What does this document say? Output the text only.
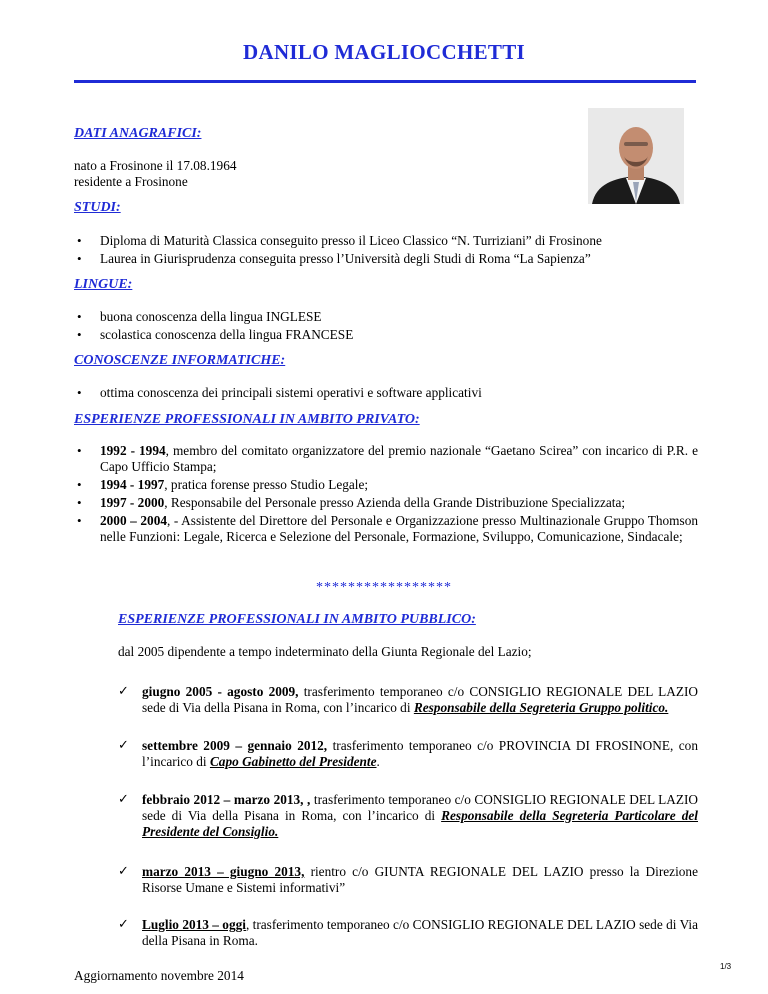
DANILO MAGLIOCCHETTI

DATI ANAGRAFICI:

nato a Frosinone il 17.08.1964

residente a Frosinone

STUDI:

• Diploma di Maturità Classica conseguito presso il Liceo Classico “N. Turriziani” di Frosinone
• Laurea in Giurisprudenza conseguita presso l’Università degli Studi di Roma “La Sapienza”

LINGUE:

• buona conoscenza della lingua INGLESE
• scolastica conoscenza della lingua FRANCESE

CONOSCENZE INFORMATICHE:

• ottima conoscenza dei principali sistemi operativi e software applicativi

ESPERIENZE PROFESSIONALI IN AMBITO PRIVATO:

• 1992 - 1994, membro del comitato organizzatore del premio nazionale “Gaetano Scirea” con incarico di P.R. e Capo Ufficio Stampa;
• 1994 - 1997, pratica forense presso Studio Legale;
• 1997 - 2000, Responsabile del Personale presso Azienda della Grande Distribuzione Specializzata;
• 2000 – 2004, - Assistente del Direttore del Personale e Organizzazione presso Multinazionale Gruppo Thomson nelle Funzioni: Legale, Ricerca e Selezione del Personale, Formazione, Sviluppo, Comunicazione, Sindacale;
*****************

ESPERIENZE PROFESSIONALI IN AMBITO PUBBLICO:

dal 2005 dipendente a tempo indeterminato della Giunta Regionale del Lazio;

✓ giugno 2005 - agosto 2009, trasferimento temporaneo c/o CONSIGLIO REGIONALE DEL LAZIO sede di Via della Pisana in Roma, con l’incarico di Responsabile della Segreteria Gruppo politico.
✓ settembre 2009 – gennaio 2012, trasferimento temporaneo c/o PROVINCIA DI FROSINONE, con l’incarico di Capo Gabinetto del Presidente.
✓ febbraio 2012 – marzo 2013, , trasferimento temporaneo c/o CONSIGLIO REGIONALE DEL LAZIO sede di Via della Pisana in Roma, con l’incarico di Responsabile della Segreteria Particolare del Presidente del Consiglio.
✓ marzo 2013 – giugno 2013, rientro c/o GIUNTA REGIONALE DEL LAZIO presso la Direzione Risorse Umane e Sistemi informativi”
✓ Luglio 2013 – oggi, trasferimento temporaneo c/o CONSIGLIO REGIONALE DEL LAZIO sede di Via della Pisana in Roma.
Aggiornamento novembre 2014
1/3
